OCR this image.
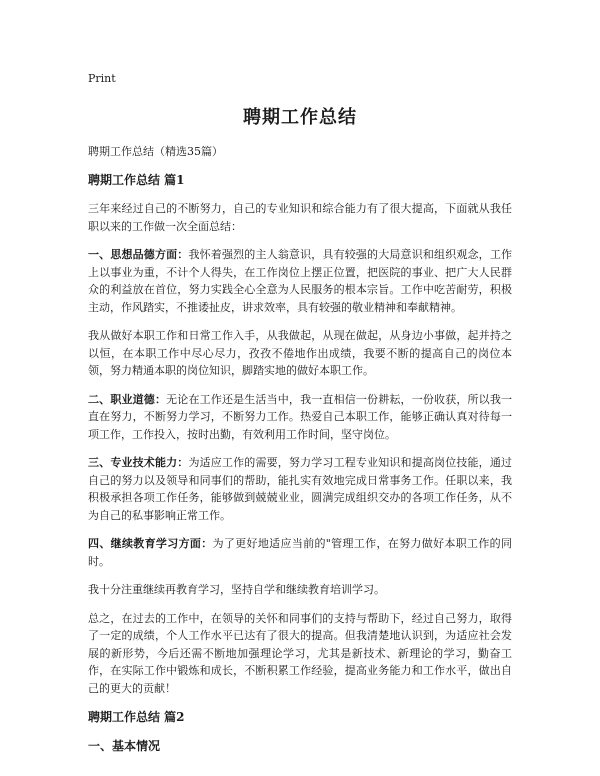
Print
聘期工作总结
聘期工作总结（精选35篇）
聘期工作总结 篇1

三年来经过自己的不断努力，自己的专业知识和综合能力有了很大提高，下面就从我任职以来的工作做一次全面总结：

一、思想品德方面：我怀着强烈的主人翁意识，具有较强的大局意识和组织观念，工作上以事业为重，不计个人得失，在工作岗位上摆正位置，把医院的事业、把广大人民群众的利益放在首位，努力实践全心全意为人民服务的根本宗旨。工作中吃苦耐劳，积极主动，作风踏实，不推诿扯皮，讲求效率，具有较强的敬业精神和奉献精神。

我从做好本职工作和日常工作入手，从我做起，从现在做起，从身边小事做，起并持之以恒，在本职工作中尽心尽力，孜孜不倦地作出成绩，我要不断的提高自己的岗位本领，努力精通本职的岗位知识，脚踏实地的做好本职工作。

二、职业道德：无论在工作还是生活当中，我一直相信一份耕耘，一份收获，所以我一直在努力，不断努力学习，不断努力工作。热爱自己本职工作，能够正确认真对待每一项工作，工作投入，按时出勤，有效利用工作时间，坚守岗位。

三、专业技术能力：为适应工作的需要，努力学习工程专业知识和提高岗位技能，通过自己的努力以及领导和同事们的帮助，能扎实有效地完成日常事务工作。任职以来，我积极承担各项工作任务，能够做到兢兢业业，圆满完成组织交办的各项工作任务，从不为自己的私事影响正常工作。

四、继续教育学习方面：为了更好地适应当前的"管理工作，在努力做好本职工作的同时。

我十分注重继续再教育学习，坚持自学和继续教育培训学习。

总之，在过去的工作中，在领导的关怀和同事们的支持与帮助下，经过自己努力，取得了一定的成绩，个人工作水平已达有了很大的提高。但我清楚地认识到，为适应社会发展的新形势，今后还需不断地加强理论学习，尤其是新技术、新理论的学习，勤奋工作，在实际工作中锻炼和成长，不断积累工作经验，提高业务能力和工作水平，做出自己的更大的贡献！

聘期工作总结 篇2
一、基本情况
